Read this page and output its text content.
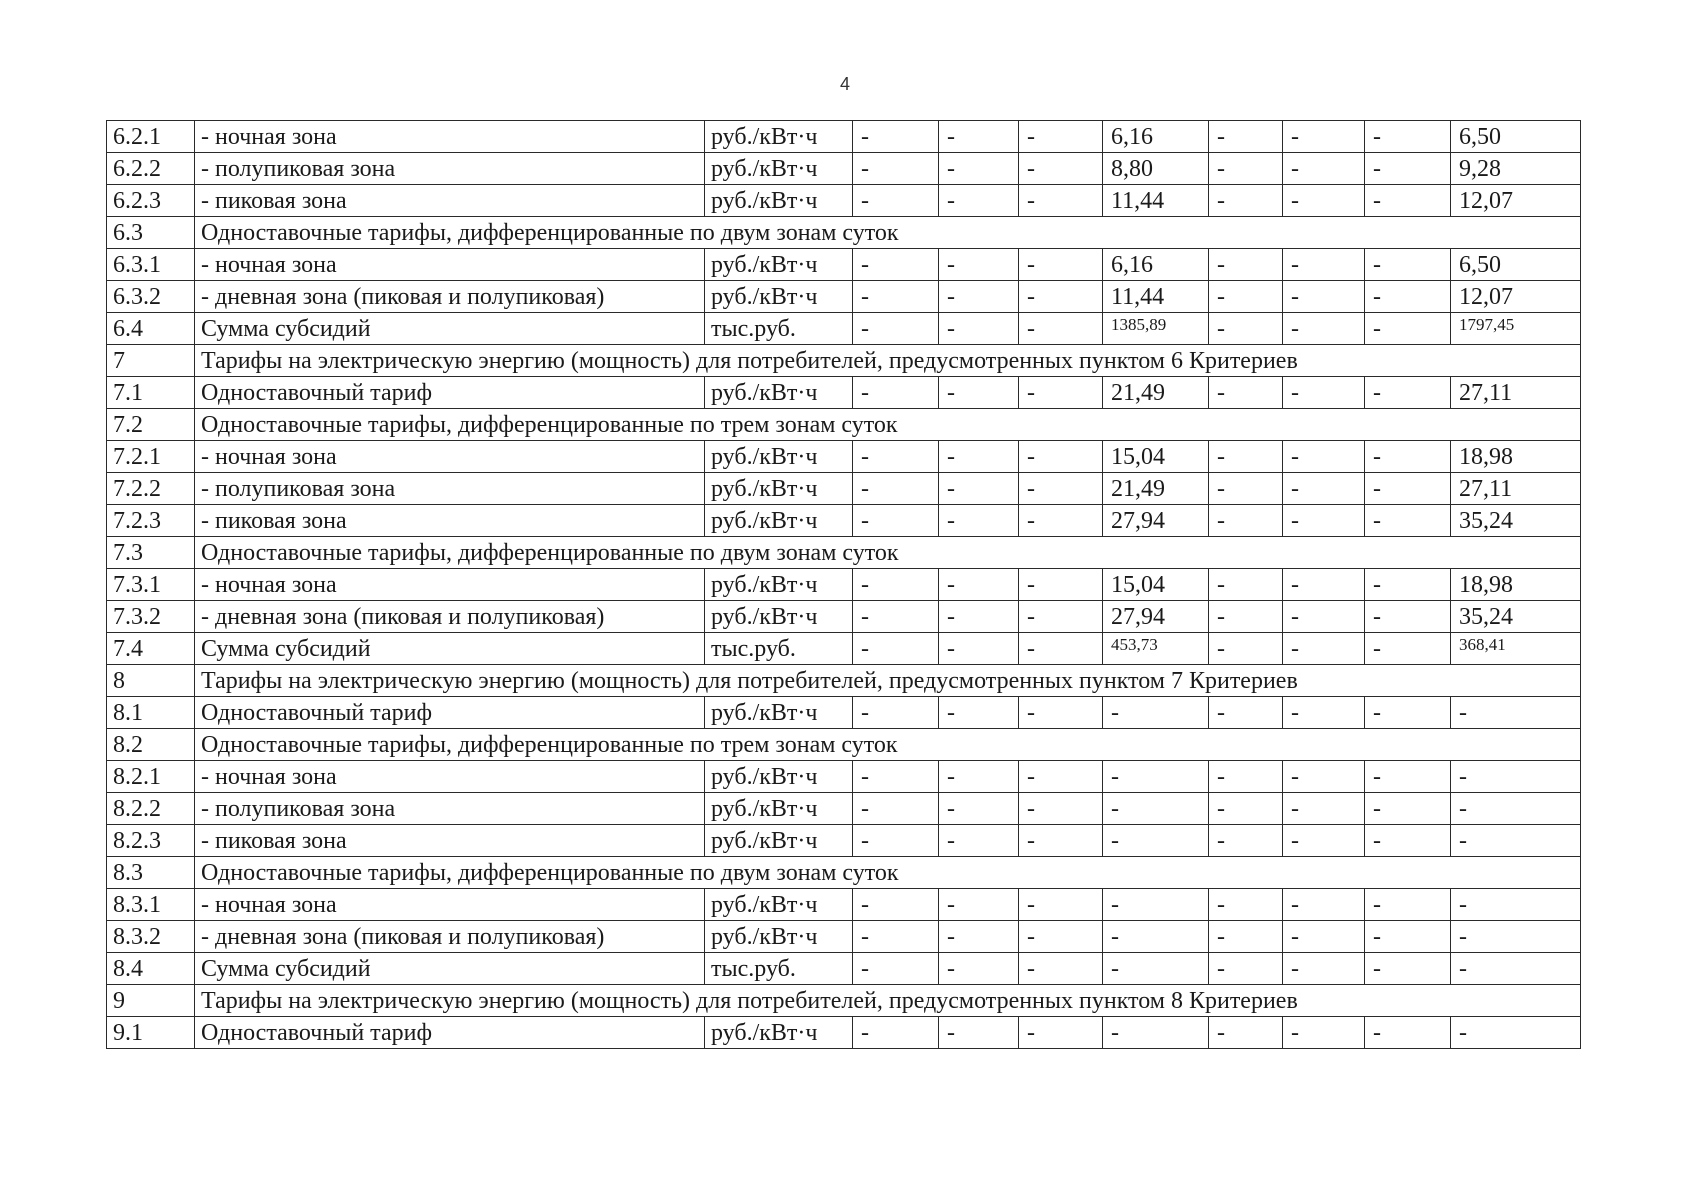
4
6.2.1	- ночная зона	руб./кВт·ч	-	-	-	6,16	-	-	-	6,50
6.2.2	- полупиковая зона	руб./кВт·ч	-	-	-	8,80	-	-	-	9,28
6.2.3	- пиковая зона	руб./кВт·ч	-	-	-	11,44	-	-	-	12,07
6.3	Одноставочные тарифы, дифференцированные по двум зонам суток									
6.3.1	- ночная зона	руб./кВт·ч	-	-	-	6,16	-	-	-	6,50
6.3.2	- дневная зона (пиковая и полупиковая)	руб./кВт·ч	-	-	-	11,44	-	-	-	12,07
6.4	Сумма субсидий	тыс.руб.	-	-	-	1385,89	-	-	-	1797,45
7	Тарифы на электрическую энергию (мощность) для потребителей, предусмотренных пунктом 6 Критериев									
7.1	Одноставочный тариф	руб./кВт·ч	-	-	-	21,49	-	-	-	27,11
7.2	Одноставочные тарифы, дифференцированные по трем зонам суток									
7.2.1	- ночная зона	руб./кВт·ч	-	-	-	15,04	-	-	-	18,98
7.2.2	- полупиковая зона	руб./кВт·ч	-	-	-	21,49	-	-	-	27,11
7.2.3	- пиковая зона	руб./кВт·ч	-	-	-	27,94	-	-	-	35,24
7.3	Одноставочные тарифы, дифференцированные по двум зонам суток									
7.3.1	- ночная зона	руб./кВт·ч	-	-	-	15,04	-	-	-	18,98
7.3.2	- дневная зона (пиковая и полупиковая)	руб./кВт·ч	-	-	-	27,94	-	-	-	35,24
7.4	Сумма субсидий	тыс.руб.	-	-	-	453,73	-	-	-	368,41
8	Тарифы на электрическую энергию (мощность) для потребителей, предусмотренных пунктом 7 Критериев									
8.1	Одноставочный тариф	руб./кВт·ч	-	-	-	-	-	-	-	-
8.2	Одноставочные тарифы, дифференцированные по трем зонам суток									
8.2.1	- ночная зона	руб./кВт·ч	-	-	-	-	-	-	-	-
8.2.2	- полупиковая зона	руб./кВт·ч	-	-	-	-	-	-	-	-
8.2.3	- пиковая зона	руб./кВт·ч	-	-	-	-	-	-	-	-
8.3	Одноставочные тарифы, дифференцированные по двум зонам суток									
8.3.1	- ночная зона	руб./кВт·ч	-	-	-	-	-	-	-	-
8.3.2	- дневная зона (пиковая и полупиковая)	руб./кВт·ч	-	-	-	-	-	-	-	-
8.4	Сумма субсидий	тыс.руб.	-	-	-	-	-	-	-	-
9	Тарифы на электрическую энергию (мощность) для потребителей, предусмотренных пунктом 8 Критериев									
9.1	Одноставочный тариф	руб./кВт·ч	-	-	-	-	-	-	-	-
